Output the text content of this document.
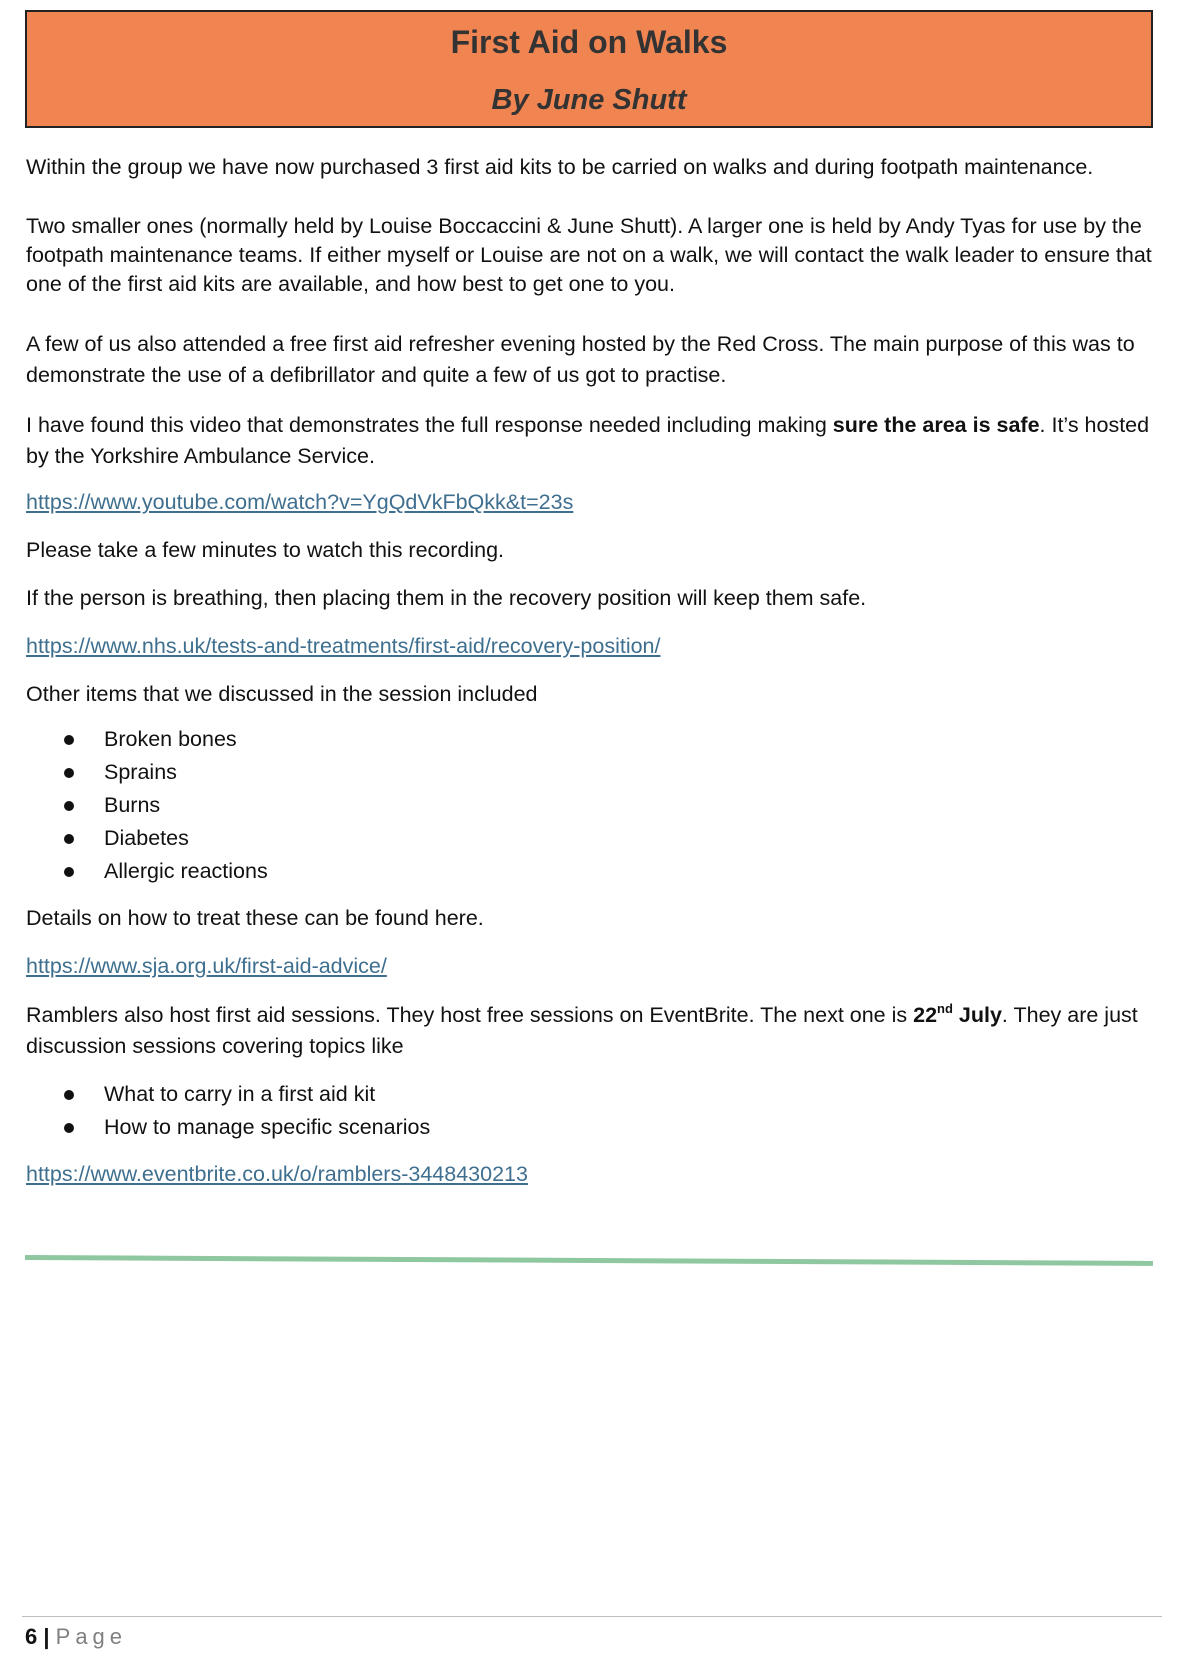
First Aid on Walks
By June Shutt

Within the group we have now purchased 3 first aid kits to be carried on walks and during footpath maintenance.

Two smaller ones (normally held by Louise Boccaccini & June Shutt). A larger one is held by Andy Tyas for use by the footpath maintenance teams. If either myself or Louise are not on a walk, we will contact the walk leader to ensure that one of the first aid kits are available, and how best to get one to you.

A few of us also attended a free first aid refresher evening hosted by the Red Cross. The main purpose of this was to demonstrate the use of a defibrillator and quite a few of us got to practise.

I have found this video that demonstrates the full response needed including making sure the area is safe. It’s hosted by the Yorkshire Ambulance Service.

https://www.youtube.com/watch?v=YgQdVkFbQkk&t=23s

Please take a few minutes to watch this recording.

If the person is breathing, then placing them in the recovery position will keep them safe.

https://www.nhs.uk/tests-and-treatments/first-aid/recovery-position/

Other items that we discussed in the session included

Broken bones
Sprains
Burns
Diabetes
Allergic reactions

Details on how to treat these can be found here.

https://www.sja.org.uk/first-aid-advice/

Ramblers also host first aid sessions. They host free sessions on EventBrite. The next one is 22nd July. They are just discussion sessions covering topics like

What to carry in a first aid kit
How to manage specific scenarios

https://www.eventbrite.co.uk/o/ramblers-3448430213

6 | Page
